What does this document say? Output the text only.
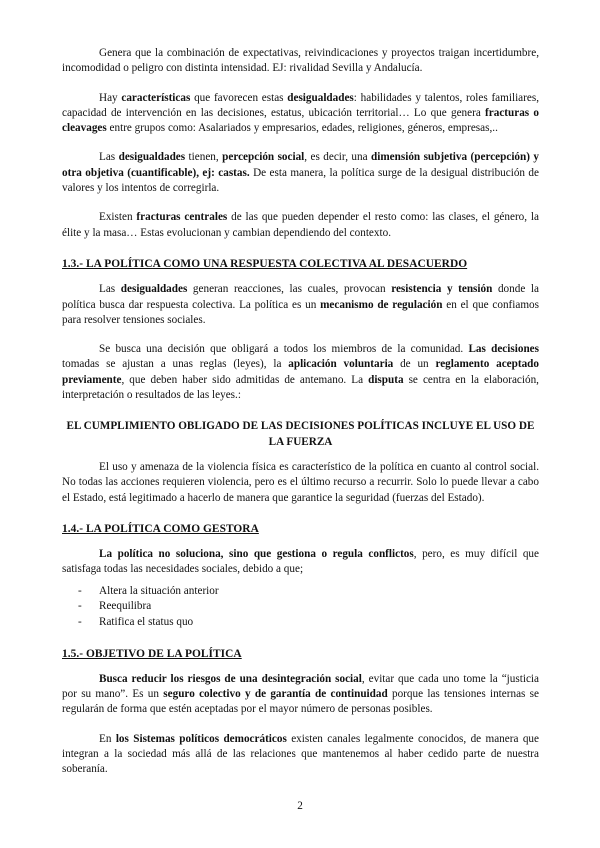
Genera que la combinación de expectativas, reivindicaciones y proyectos traigan incertidumbre, incomodidad o peligro con distinta intensidad. EJ: rivalidad Sevilla y Andalucía.

Hay características que favorecen estas desigualdades: habilidades y talentos, roles familiares, capacidad de intervención en las decisiones, estatus, ubicación territorial… Lo que genera fracturas o cleavages entre grupos como: Asalariados y empresarios, edades, religiones, géneros, empresas,..

Las desigualdades tienen, percepción social, es decir, una dimensión subjetiva (percepción) y otra objetiva (cuantificable), ej: castas. De esta manera, la política surge de la desigual distribución de valores y los intentos de corregirla.

Existen fracturas centrales de las que pueden depender el resto como: las clases, el género, la élite y la masa… Estas evolucionan y cambian dependiendo del contexto.

1.3.- LA POLÍTICA COMO UNA RESPUESTA COLECTIVA AL DESACUERDO

Las desigualdades generan reacciones, las cuales, provocan resistencia y tensión donde la política busca dar respuesta colectiva. La política es un mecanismo de regulación en el que confiamos para resolver tensiones sociales.

Se busca una decisión que obligará a todos los miembros de la comunidad. Las decisiones tomadas se ajustan a unas reglas (leyes), la aplicación voluntaria de un reglamento aceptado previamente, que deben haber sido admitidas de antemano. La disputa se centra en la elaboración, interpretación o resultados de las leyes.:

EL CUMPLIMIENTO OBLIGADO DE LAS DECISIONES POLÍTICAS INCLUYE EL USO DE LA FUERZA

El uso y amenaza de la violencia física es característico de la política en cuanto al control social. No todas las acciones requieren violencia, pero es el último recurso a recurrir. Solo lo puede llevar a cabo el Estado, está legitimado a hacerlo de manera que garantice la seguridad (fuerzas del Estado).

1.4.- LA POLÍTICA COMO GESTORA

La política no soluciona, sino que gestiona o regula conflictos, pero, es muy difícil que satisfaga todas las necesidades sociales, debido a que;

- Altera la situación anterior
- Reequilibra
- Ratifica el status quo
1.5.- OBJETIVO DE LA POLÍTICA

Busca reducir los riesgos de una desintegración social, evitar que cada uno tome la “justicia por su mano”. Es un seguro colectivo y de garantía de continuidad porque las tensiones internas se regularán de forma que estén aceptadas por el mayor número de personas posibles.

En los Sistemas políticos democráticos existen canales legalmente conocidos, de manera que integran a la sociedad más allá de las relaciones que mantenemos al haber cedido parte de nuestra soberanía.

2
